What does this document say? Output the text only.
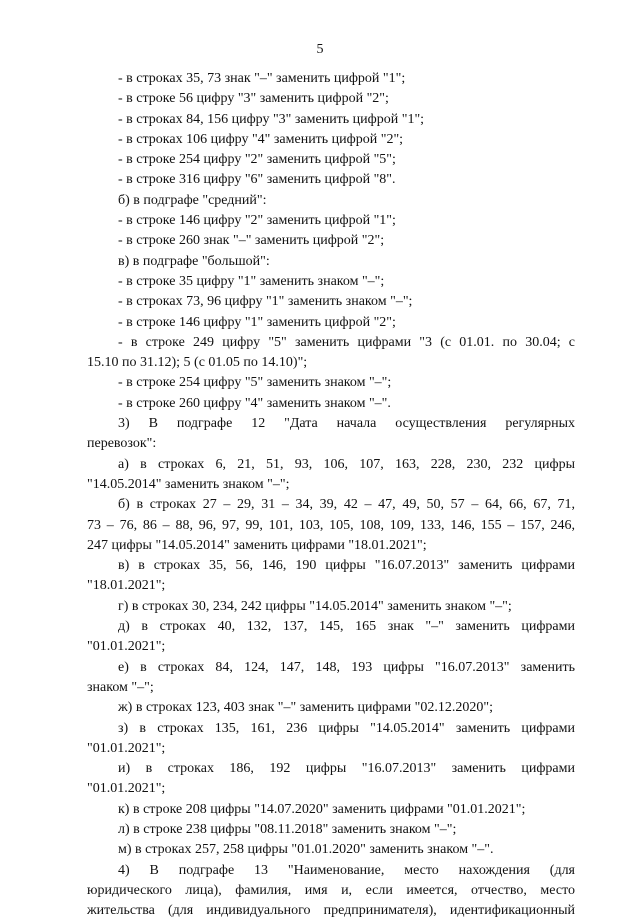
5

- в строках 35, 73 знак "–" заменить цифрой "1";

- в строке 56 цифру "3" заменить цифрой "2";

- в строках 84, 156 цифру "3" заменить цифрой "1";

- в строках 106 цифру "4" заменить цифрой "2";

- в строке 254 цифру "2" заменить цифрой "5";

- в строке 316 цифру "6" заменить цифрой "8".

б) в подграфе "средний":

- в строке 146 цифру "2" заменить цифрой "1";

- в строке 260 знак "–" заменить цифрой "2";

в) в подграфе "большой":

- в строке 35 цифру "1" заменить знаком "–";

- в строках 73, 96 цифру "1" заменить знаком "–";

- в строке 146 цифру "1" заменить цифрой "2";

- в строке 249 цифру "5" заменить цифрами "3 (с 01.01. по 30.04; с

15.10 по 31.12); 5 (с 01.05 по 14.10)";

- в строке 254 цифру "5" заменить знаком "–";

- в строке 260 цифру "4" заменить знаком "–".

3) В подграфе 12 "Дата начала осуществления регулярных

перевозок":

а) в строках 6, 21, 51, 93, 106, 107, 163, 228, 230, 232 цифры

"14.05.2014" заменить знаком "–";

б) в строках 27 – 29, 31 – 34, 39, 42 – 47, 49, 50, 57 – 64, 66, 67, 71,

73 – 76, 86 – 88, 96, 97, 99, 101, 103, 105, 108, 109, 133, 146, 155 – 157, 246,

247 цифры "14.05.2014" заменить цифрами "18.01.2021";

в) в строках 35, 56, 146, 190 цифры "16.07.2013" заменить цифрами

"18.01.2021";

г) в строках 30, 234, 242 цифры "14.05.2014" заменить знаком "–";

д) в строках 40, 132, 137, 145, 165 знак "–" заменить цифрами

"01.01.2021";

е) в строках 84, 124, 147, 148, 193 цифры "16.07.2013" заменить

знаком "–";

ж) в строках 123, 403 знак "–" заменить цифрами "02.12.2020";

з) в строках 135, 161, 236 цифры "14.05.2014" заменить цифрами

"01.01.2021";

и) в строках 186, 192 цифры "16.07.2013" заменить цифрами

"01.01.2021";

к) в строке 208 цифры "14.07.2020" заменить цифрами "01.01.2021";

л) в строке 238 цифры "08.11.2018" заменить знаком "–";

м) в строках 257, 258 цифры "01.01.2020" заменить знаком "–".

4) В подграфе 13 "Наименование, место нахождения (для

юридического лица), фамилия, имя и, если имеется, отчество, место

жительства (для индивидуального предпринимателя), идентификационный
